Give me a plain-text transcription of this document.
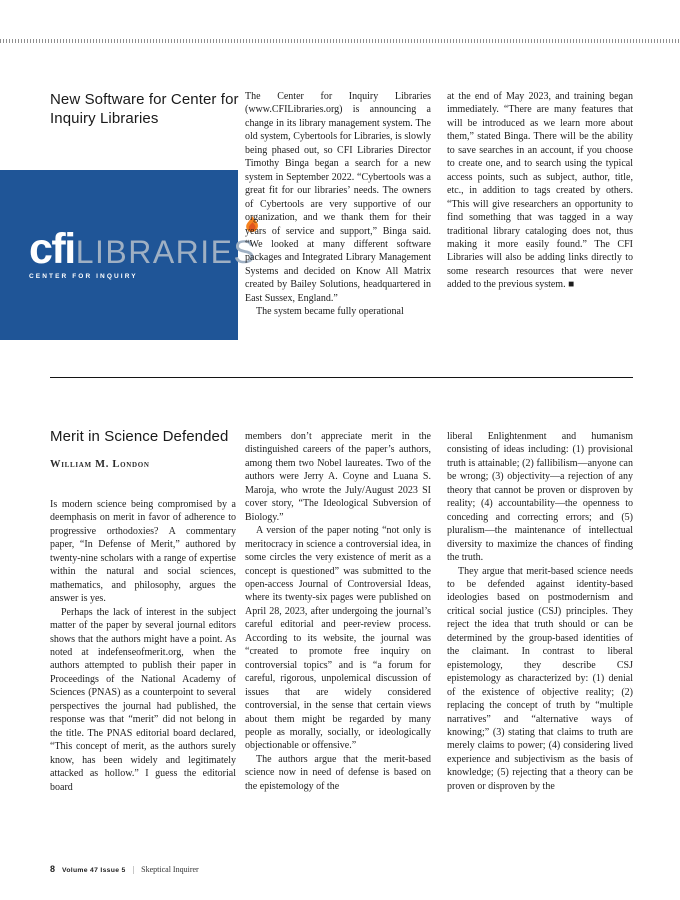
New Software for Center for Inquiry Libraries
cfi LIBRARIES
CENTER FOR INQUIRY

The Center for Inquiry Libraries (www.CFILibraries.org) is announcing a change in its library management system. The old system, Cybertools for Libraries, is slowly being phased out, so CFI Libraries Director Timothy Binga began a search for a new system in September 2022. “Cybertools was a great fit for our libraries’ needs. The owners of Cybertools are very supportive of our organization, and we thank them for their years of service and support,” Binga said. “We looked at many different software packages and Integrated Library Management Systems and decided on Know All Matrix created by Bailey Solutions, headquartered in East Sussex, England.”

The system became fully operational

at the end of May 2023, and training began immediately. “There are many features that will be introduced as we learn more about them,” stated Binga. There will be the ability to save searches in an account, if you choose to create one, and to search using the typical access points, such as subject, author, title, etc., in addition to tags created by others. “This will give researchers an opportunity to find something that was tagged in a way traditional library cataloging does not, thus making it more easily found.” The CFI Libraries will also be adding links directly to some research resources that were never added to the previous system. ■

Merit in Science Defended
William M. London

Is modern science being compromised by a deemphasis on merit in favor of adherence to progressive orthodoxies? A commentary paper, “In Defense of Merit,” authored by twenty-nine scholars with a range of expertise within the natural and social sciences, mathematics, and philosophy, argues the answer is yes.

Perhaps the lack of interest in the subject matter of the paper by several journal editors shows that the authors might have a point. As noted at indefenseofmerit.org, when the authors attempted to publish their paper in Proceedings of the National Academy of Sciences (PNAS) as a counterpoint to several perspectives the journal had published, the response was that “merit” did not belong in the title. The PNAS editorial board declared, “This concept of merit, as the authors surely know, has been widely and legitimately attacked as hollow.” I guess the editorial board

members don’t appreciate merit in the distinguished careers of the paper’s authors, among them two Nobel laureates. Two of the authors were Jerry A. Coyne and Luana S. Maroja, who wrote the July/August 2023 SI cover story, “The Ideological Subversion of Biology.”

A version of the paper noting “not only is meritocracy in science a controversial idea, in some circles the very existence of merit as a concept is questioned” was submitted to the open-access Journal of Controversial Ideas, where its twenty-six pages were published on April 28, 2023, after undergoing the journal’s careful editorial and peer-review process. According to its website, the journal was “created to promote free inquiry on controversial topics” and is “a forum for careful, rigorous, unpolemical discussion of issues that are widely considered controversial, in the sense that certain views about them might be regarded by many people as morally, socially, or ideologically objectionable or offensive.”

The authors argue that the merit-based science now in need of defense is based on the epistemology of the

liberal Enlightenment and humanism consisting of ideas including: (1) provisional truth is attainable; (2) fallibilism—anyone can be wrong; (3) objectivity—a rejection of any theory that cannot be proven or disproven by reality; (4) accountability—the openness to conceding and correcting errors; and (5) pluralism—the maintenance of intellectual diversity to maximize the chances of finding the truth.

They argue that merit-based science needs to be defended against identity-based ideologies based on postmodernism and critical social justice (CSJ) principles. They reject the idea that truth should or can be determined by the group-based identities of the claimant. In contrast to liberal epistemology, they describe CSJ epistemology as characterized by: (1) denial of the existence of objective reality; (2) replacing the concept of truth by “multiple narratives” and “alternative ways of knowing;” (3) stating that claims to truth are merely claims to power; (4) considering lived experience and subjectivism as the basis of knowledge; (5) rejecting that a theory can be proven or disproven by the

8 Volume 47 Issue 5 | Skeptical Inquirer
